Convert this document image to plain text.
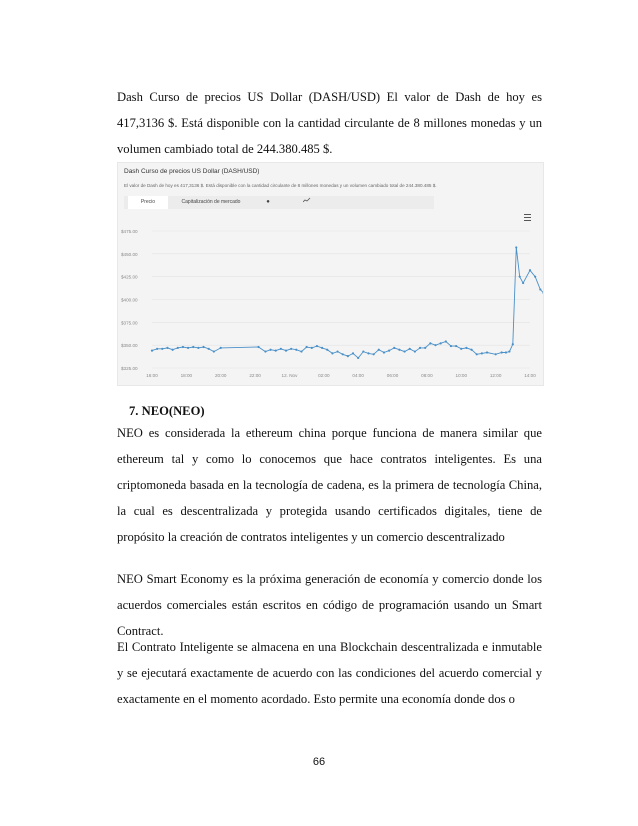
Dash Curso de precios US Dollar (DASH/USD) El valor de Dash de hoy es 417,3136 $. Está disponible con la cantidad circulante de 8 millones monedas y un volumen cambiado total de 244.380.485 $.

Dash Curso de precios US Dollar (DASH/USD)
El valor de Dash de hoy es 417,3136 $. Está disponible con la cantidad circulante de 8 millones monedas y un volumen cambiado total de 244.380.485 $.
Precio	Capitalización de mercado	●
$475.00
$450.00
$425.00
$400.00
$375.00
$350.00
$325.00
16:00	18:00	20:00	22:00	12. Nov	02:00	04:00	06:00	08:00	10:00	12:00	14:00
7. NEO(NEO)

NEO es considerada la ethereum china porque funciona de manera similar que ethereum tal y como lo conocemos que hace contratos inteligentes. Es una criptomoneda basada en la tecnología de cadena, es la primera de tecnología China, la cual es descentralizada y protegida usando certificados digitales, tiene de propósito la creación de contratos inteligentes y un comercio descentralizado

NEO Smart Economy es la próxima generación de economía y comercio donde los acuerdos comerciales están escritos en código de programación usando un Smart Contract.

El Contrato Inteligente se almacena en una Blockchain descentralizada e inmutable y se ejecutará exactamente de acuerdo con las condiciones del acuerdo comercial y exactamente en el momento acordado. Esto permite una economía donde dos o

66
